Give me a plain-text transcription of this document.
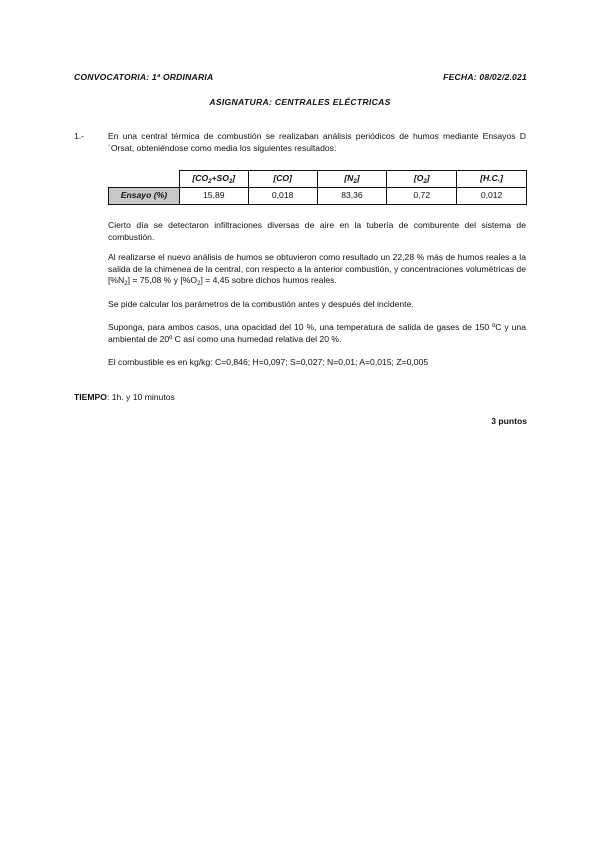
CONVOCATORIA: 1ª ORDINARIA	FECHA: 08/02/2.021
ASIGNATURA: CENTRALES ELÉCTRICAS
1.-	En una central térmica de combustión se realizaban análisis periódicos de humos mediante Ensayos D´Orsat, obteniéndose como media los siguientes resultados:
	$[CO_2+SO_2]$	[CO]	$[N_2]$	$[O_2]$	[H.C.]
Ensayo (%)	15,89	0,018	83,36	0,72	0,012
Cierto día se detectaron infiltraciones diversas de aire en la tubería de comburente del sistema de combustión.
Al realizarse el nuevo análisis de humos se obtuvieron como resultado un 22,28 % más de humos reales a la salida de la chimenea de la central, con respecto a la anterior combustión, y concentraciones volumétricas de $[\%N_2] = 75,08$ % y $[\%O_2] = 4,45$ sobre dichos humos reales.
Se pide calcular los parámetros de la combustión antes y después del incidente.
Suponga, para ambos casos, una opacidad del 10 %, una temperatura de salida de gases de 150 ºC y una ambiental de 20º C así como una humedad relativa del 20 %.
El combustible es en kg/kg: C=0,846; H=0,097; S=0,027; N=0,01; A=0,015; Z=0,005
TIEMPO: 1h. y 10 minutos
3 puntos
